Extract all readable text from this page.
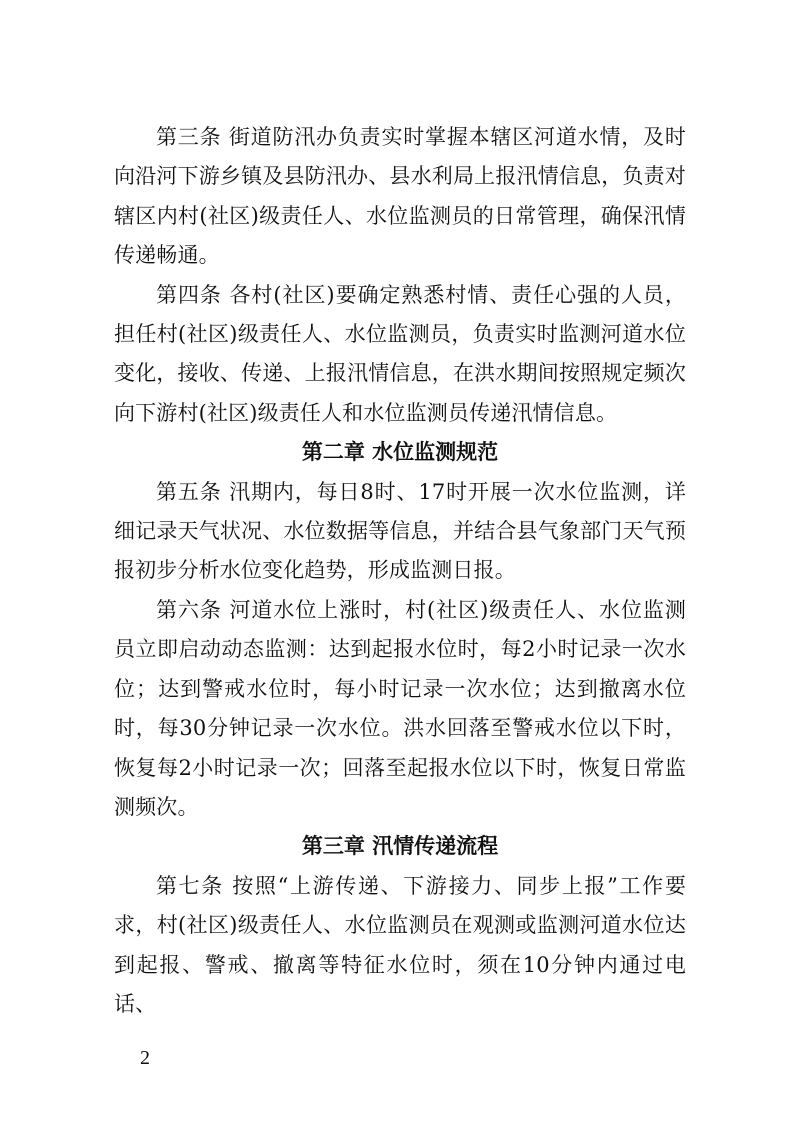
第三条 街道防汛办负责实时掌握本辖区河道水情，及时向沿河下游乡镇及县防汛办、县水利局上报汛情信息，负责对辖区内村(社区)级责任人、水位监测员的日常管理，确保汛情传递畅通。

第四条 各村(社区)要确定熟悉村情、责任心强的人员，担任村(社区)级责任人、水位监测员，负责实时监测河道水位变化，接收、传递、上报汛情信息，在洪水期间按照规定频次向下游村(社区)级责任人和水位监测员传递汛情信息。

第二章 水位监测规范

第五条 汛期内，每日8时、17时开展一次水位监测，详细记录天气状况、水位数据等信息，并结合县气象部门天气预报初步分析水位变化趋势，形成监测日报。

第六条 河道水位上涨时，村(社区)级责任人、水位监测员立即启动动态监测：达到起报水位时，每2小时记录一次水位；达到警戒水位时，每小时记录一次水位；达到撤离水位时，每30分钟记录一次水位。洪水回落至警戒水位以下时，恢复每2小时记录一次；回落至起报水位以下时，恢复日常监测频次。

第三章 汛情传递流程

第七条 按照“上游传递、下游接力、同步上报”工作要求，村(社区)级责任人、水位监测员在观测或监测河道水位达到起报、警戒、撤离等特征水位时，须在10分钟内通过电话、

2
